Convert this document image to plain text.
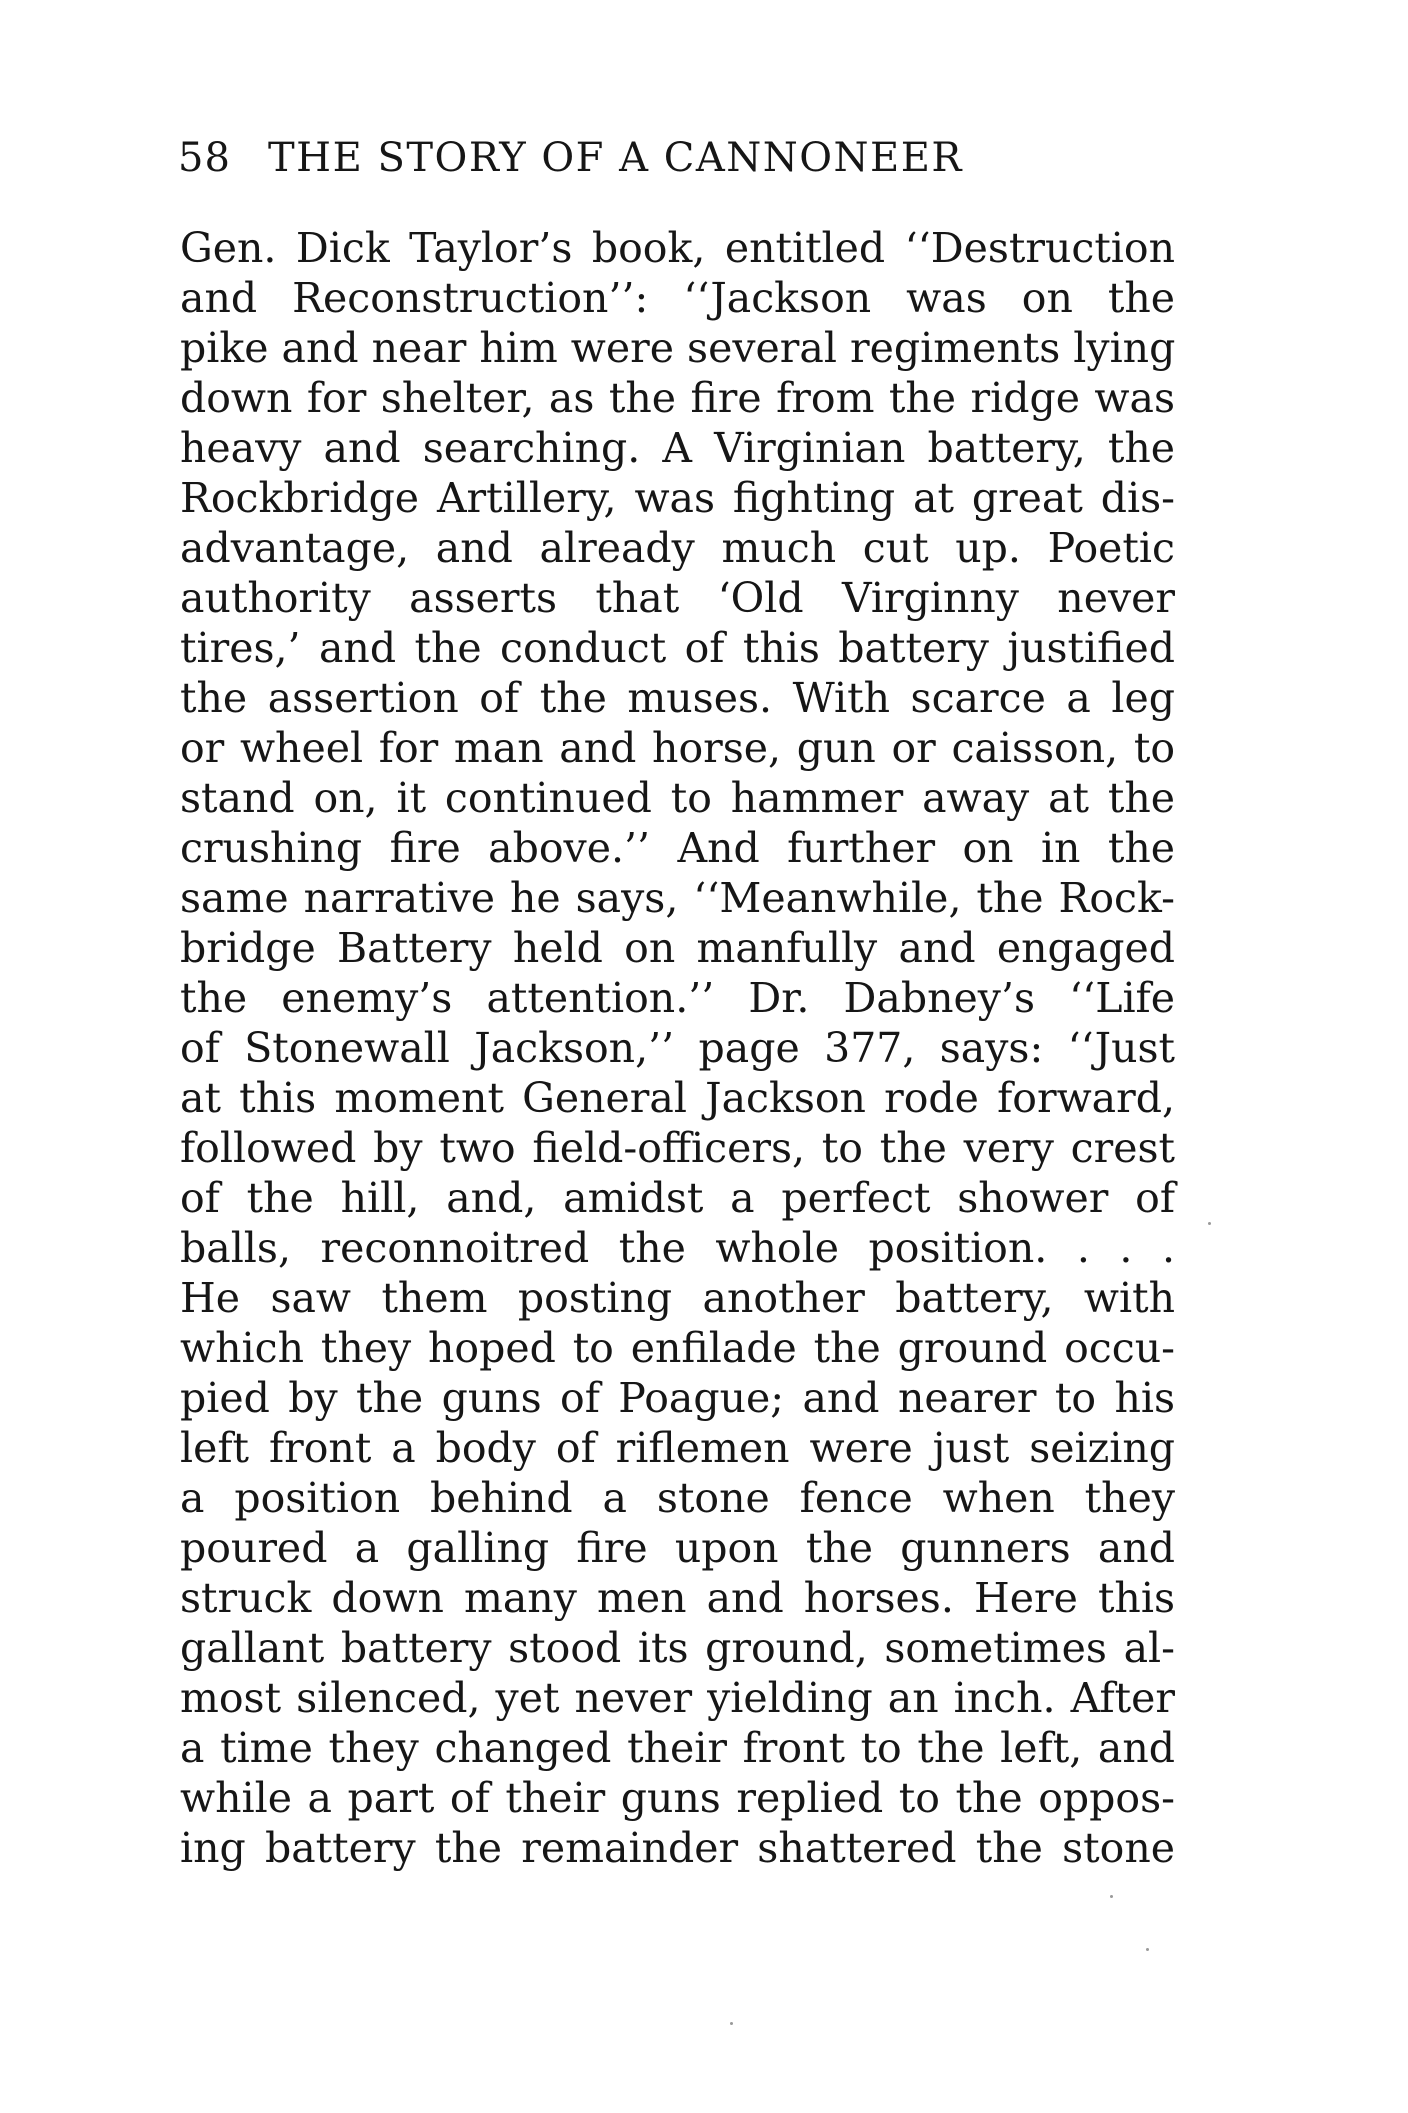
58 THE STORY OF A CANNONEER
Gen. Dick Taylor’s book, entitled ‘‘Destruction
and Reconstruction’’: ‘‘Jackson was on the
pike and near him were several regiments lying
down for shelter, as the fire from the ridge was
heavy and searching. A Virginian battery, the
Rockbridge Artillery, was fighting at great dis-
advantage, and already much cut up. Poetic
authority asserts that ‘Old Virginny never
tires,’ and the conduct of this battery justified
the assertion of the muses. With scarce a leg
or wheel for man and horse, gun or caisson, to
stand on, it continued to hammer away at the
crushing fire above.’’ And further on in the
same narrative he says, ‘‘Meanwhile, the Rock-
bridge Battery held on manfully and engaged
the enemy’s attention.’’ Dr. Dabney’s ‘‘Life
of Stonewall Jackson,’’ page 377, says: ‘‘Just
at this moment General Jackson rode forward,
followed by two field-officers, to the very crest
of the hill, and, amidst a perfect shower of
balls, reconnoitred the whole position. . . .
He saw them posting another battery, with
which they hoped to enfilade the ground occu-
pied by the guns of Poague; and nearer to his
left front a body of riflemen were just seizing
a position behind a stone fence when they
poured a galling fire upon the gunners and
struck down many men and horses. Here this
gallant battery stood its ground, sometimes al-
most silenced, yet never yielding an inch. After
a time they changed their front to the left, and
while a part of their guns replied to the oppos-
ing battery the remainder shattered the stone
